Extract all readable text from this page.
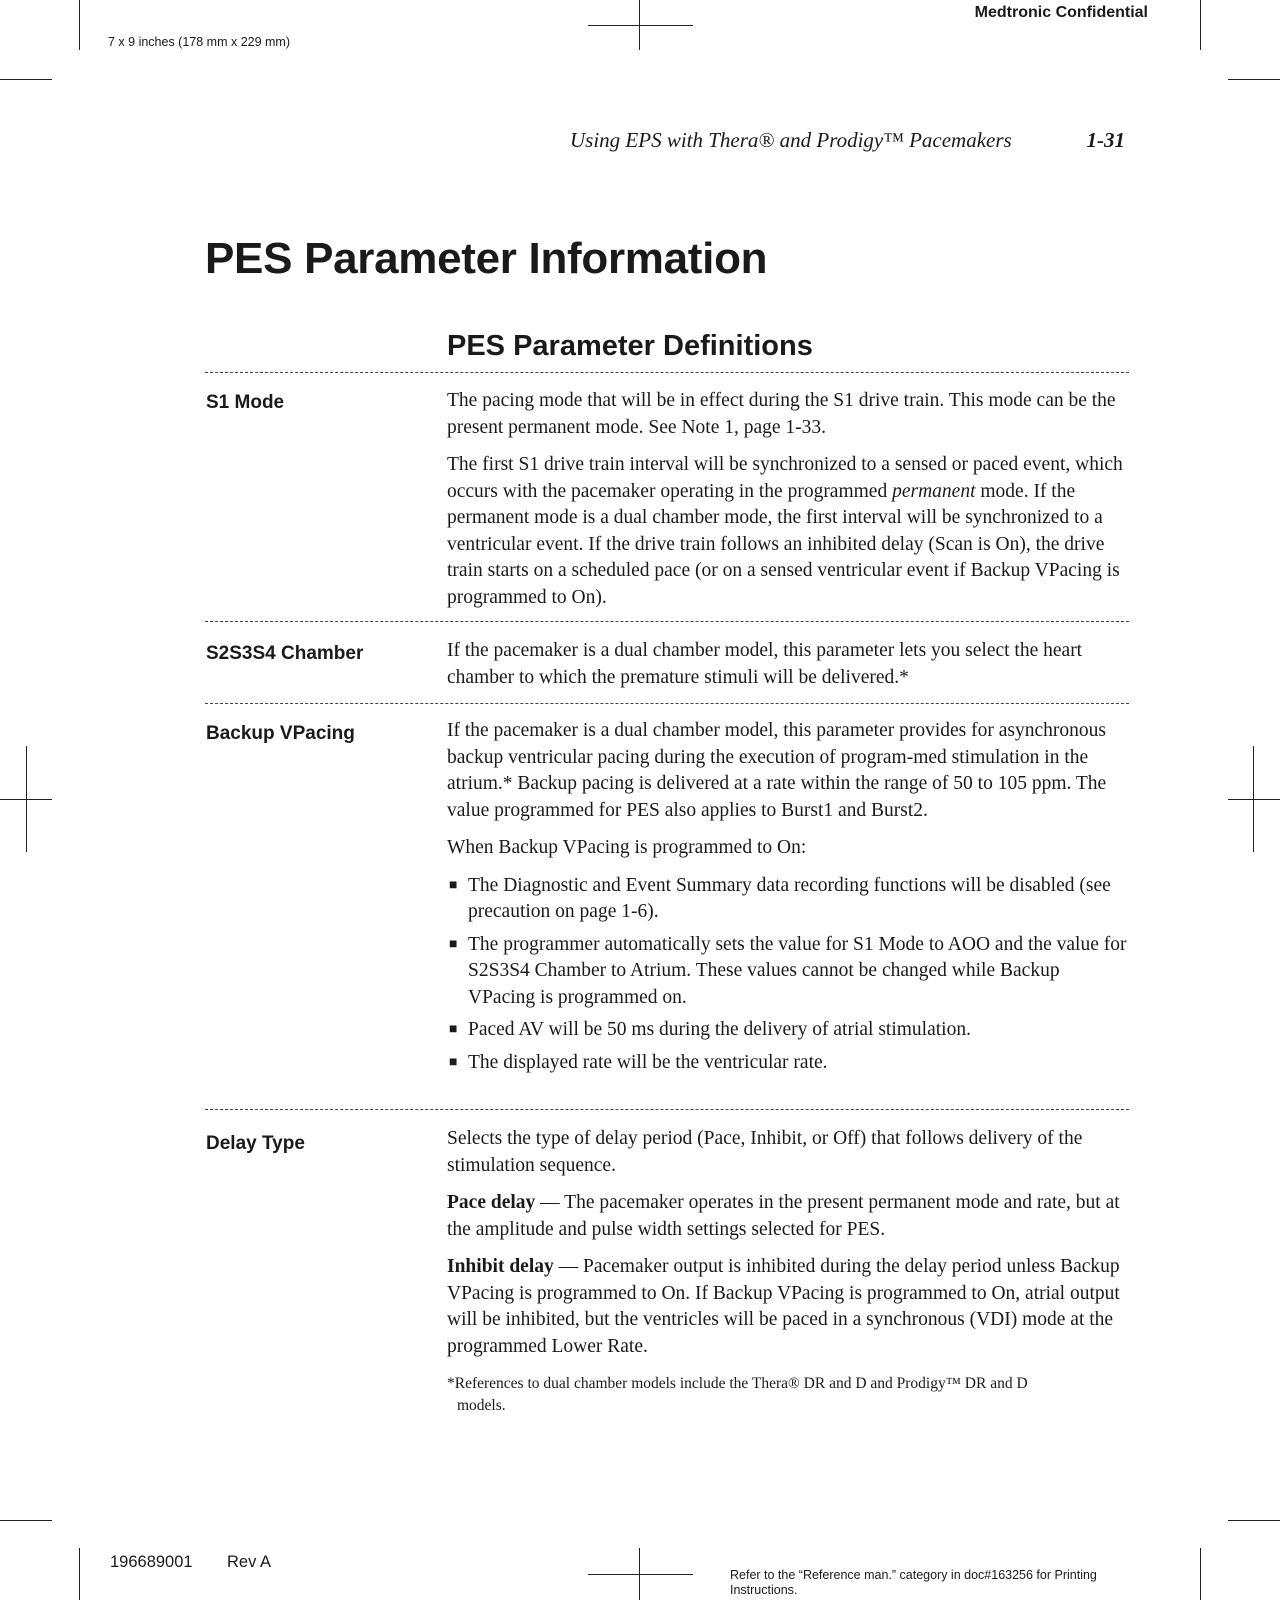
Medtronic Confidential
7 x 9 inches (178 mm x 229 mm)
Using EPS with Thera® and Prodigy™ Pacemakers	1-31
PES Parameter Information
PES Parameter Definitions
S1 Mode	The pacing mode that will be in effect during the S1 drive train. This mode can be the present permanent mode. See Note 1, page 1-33.

The first S1 drive train interval will be synchronized to a sensed or paced event, which occurs with the pacemaker operating in the programmed permanent mode. If the permanent mode is a dual chamber mode, the first interval will be synchronized to a ventricular event. If the drive train follows an inhibited delay (Scan is On), the drive train starts on a scheduled pace (or on a sensed ventricular event if Backup VPacing is programmed to On).

S2S3S4 Chamber	If the pacemaker is a dual chamber model, this parameter lets you select the heart chamber to which the premature stimuli will be delivered.*

Backup VPacing	If the pacemaker is a dual chamber model, this parameter provides for asynchronous backup ventricular pacing during the execution of program-med stimulation in the atrium.* Backup pacing is delivered at a rate within the range of 50 to 105 ppm. The value programmed for PES also applies to Burst1 and Burst2.

When Backup VPacing is programmed to On:

■ The Diagnostic and Event Summary data recording functions will be disabled (see precaution on page 1-6).
■ The programmer automatically sets the value for S1 Mode to AOO and the value for S2S3S4 Chamber to Atrium. These values cannot be changed while Backup VPacing is programmed on.
■ Paced AV will be 50 ms during the delivery of atrial stimulation.
■ The displayed rate will be the ventricular rate.
Delay Type	Selects the type of delay period (Pace, Inhibit, or Off) that follows delivery of the stimulation sequence.

Pace delay — The pacemaker operates in the present permanent mode and rate, but at the amplitude and pulse width settings selected for PES.

Inhibit delay — Pacemaker output is inhibited during the delay period unless Backup VPacing is programmed to On. If Backup VPacing is programmed to On, atrial output will be inhibited, but the ventricles will be paced in a synchronous (VDI) mode at the programmed Lower Rate.

*References to dual chamber models include the Thera® DR and D and Prodigy™ DR and D
models.
196689001 Rev A
Refer to the “Reference man.” category in doc#163256 for Printing Instructions.
